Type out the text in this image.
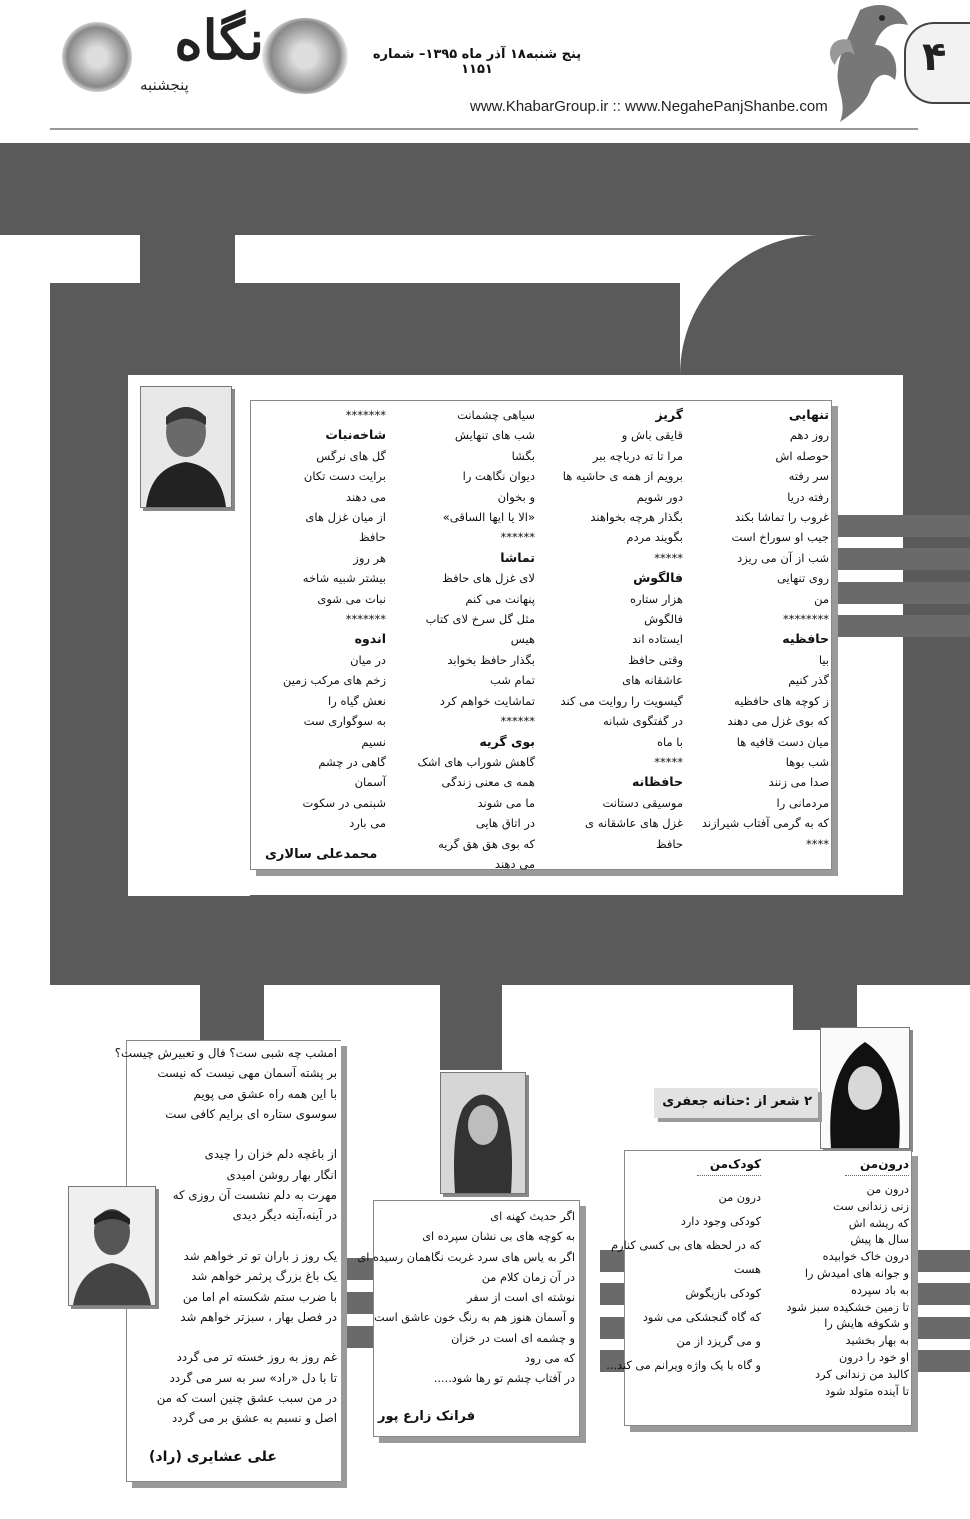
نگاه
پنجشنبه
پنج شنبه۱۸ آذر ماه ۱۳۹۵– شماره ۱۱۵۱
www.KhabarGroup.ir :: www.NegahePanjShanbe.com
۴
تنهایی
روز دهم
حوصله اش
سر رفته
رفته دریا
غروب را تماشا بکند
جیب او سوراخ است
شب از آن می ریزد
روی تنهایی
من
********
حافظیه
بیا
گذر کنیم
ز کوچه های حافظیه
که بوی غزل می دهند
میان دست قافیه ها
شب بوها
صدا می زنند
مردمانی را
که به گرمی آفتاب شیرازند
****
گریز
قایقی باش و
مرا تا ته دریاچه ببر
برویم از همه ی حاشیه ها
دور شویم
بگذار هرچه بخواهند
بگویند مردم
*****
فالگوش
هزار ستاره
فالگوش
ایستاده اند
وقتی حافظ
عاشقانه های
گیسویت را روایت می کند
در گفتگوی شبانه
با ماه
*****
حافظانه
موسیقی دستانت
غزل های عاشقانه ی
حافظ
سیاهی چشمانت
شب های تنهایش
بگشا
دیوان نگاهت را
و بخوان
«الا یا ایها الساقی»
******
تماشا
لای غزل های حافظ
پنهانت می کنم
مثل گل سرخ لای کتاب
هیس
بگذار حافظ بخوابد
تمام شب
تماشایت خواهم کرد
******
بوی گریه
گاهش شوراب های اشک
همه ی معنی زندگی
ما می شوند
در اتاق هایی
که بوی هق هق گریه
می دهند
*******
شاخه‌نبات
گل های نرگس
برایت دست تکان
می دهند
از میان غزل های
حافظ
هر روز
بیشتر شبیه شاخه
نبات می شوی
*******
اندوه
در میان
زخم های مرکب زمین
نعش گیاه را
به سوگواری ست
نسیم
گاهی در چشم
آسمان
شبنمی در سکوت
می بارد
محمدعلی سالاری
امشب چه شبی ست؟ فال و تعبیرش چیست؟
بر پشته آسمان مهی نیست که نیست
با این همه راه عشق می پویم
سوسوی ستاره ای برایم کافی ست

از باغچه دلم خزان را چیدی
انگار بهار روشن امیدی
مهرت به دلم نشست آن روزی که
در آینه،آینه دیگر دیدی

یک روز ز باران تو تر خواهم شد
یک باغ بزرگ پرثمر خواهم شد
با ضرب ستم شکسته ام اما من
در فصل بهار ، سبزتر خواهم شد

غم روز به روز خسته تر می گردد
تا با دل «راد» سر به سر می گردد
در من سبب عشق چنین است که من
اصل و نسبم به عشق بر می گردد
علی عشایری (راد)
اگر حدیث کهنه ای
به کوچه های بی نشان سپرده ای
اگر به یاس های سرد غربت نگاهمان رسیده ای
در آن زمان کلام من
نوشته ای است از سفر
و آسمان هنوز هم به رنگ خون عاشق است
و چشمه ای است در خزان
که می رود
در آفتاب چشم تو رها شود.....
فرانک زارع پور
۲ شعر از :حنانه جعفری
درون‌من
درون من
زنی زندانی ست
که ریشه اش
سال ها پیش
درون خاک خوابیده
و جوانه های امیدش را
به باد سپرده
تا زمین خشکیده سبز شود
و شکوفه هایش را
به بهار بخشید
او خود را درون
کالبد من زندانی کرد
تا آینده متولد شود
کودک‌من
درون من
کودکی وجود دارد
که در لحظه های بی کسی کنارم
هست
کودکی بازیگوش
که گاه گنجشکی می شود
و می گریزد از من
و گاه با یک واژه ویرانم می کند...
